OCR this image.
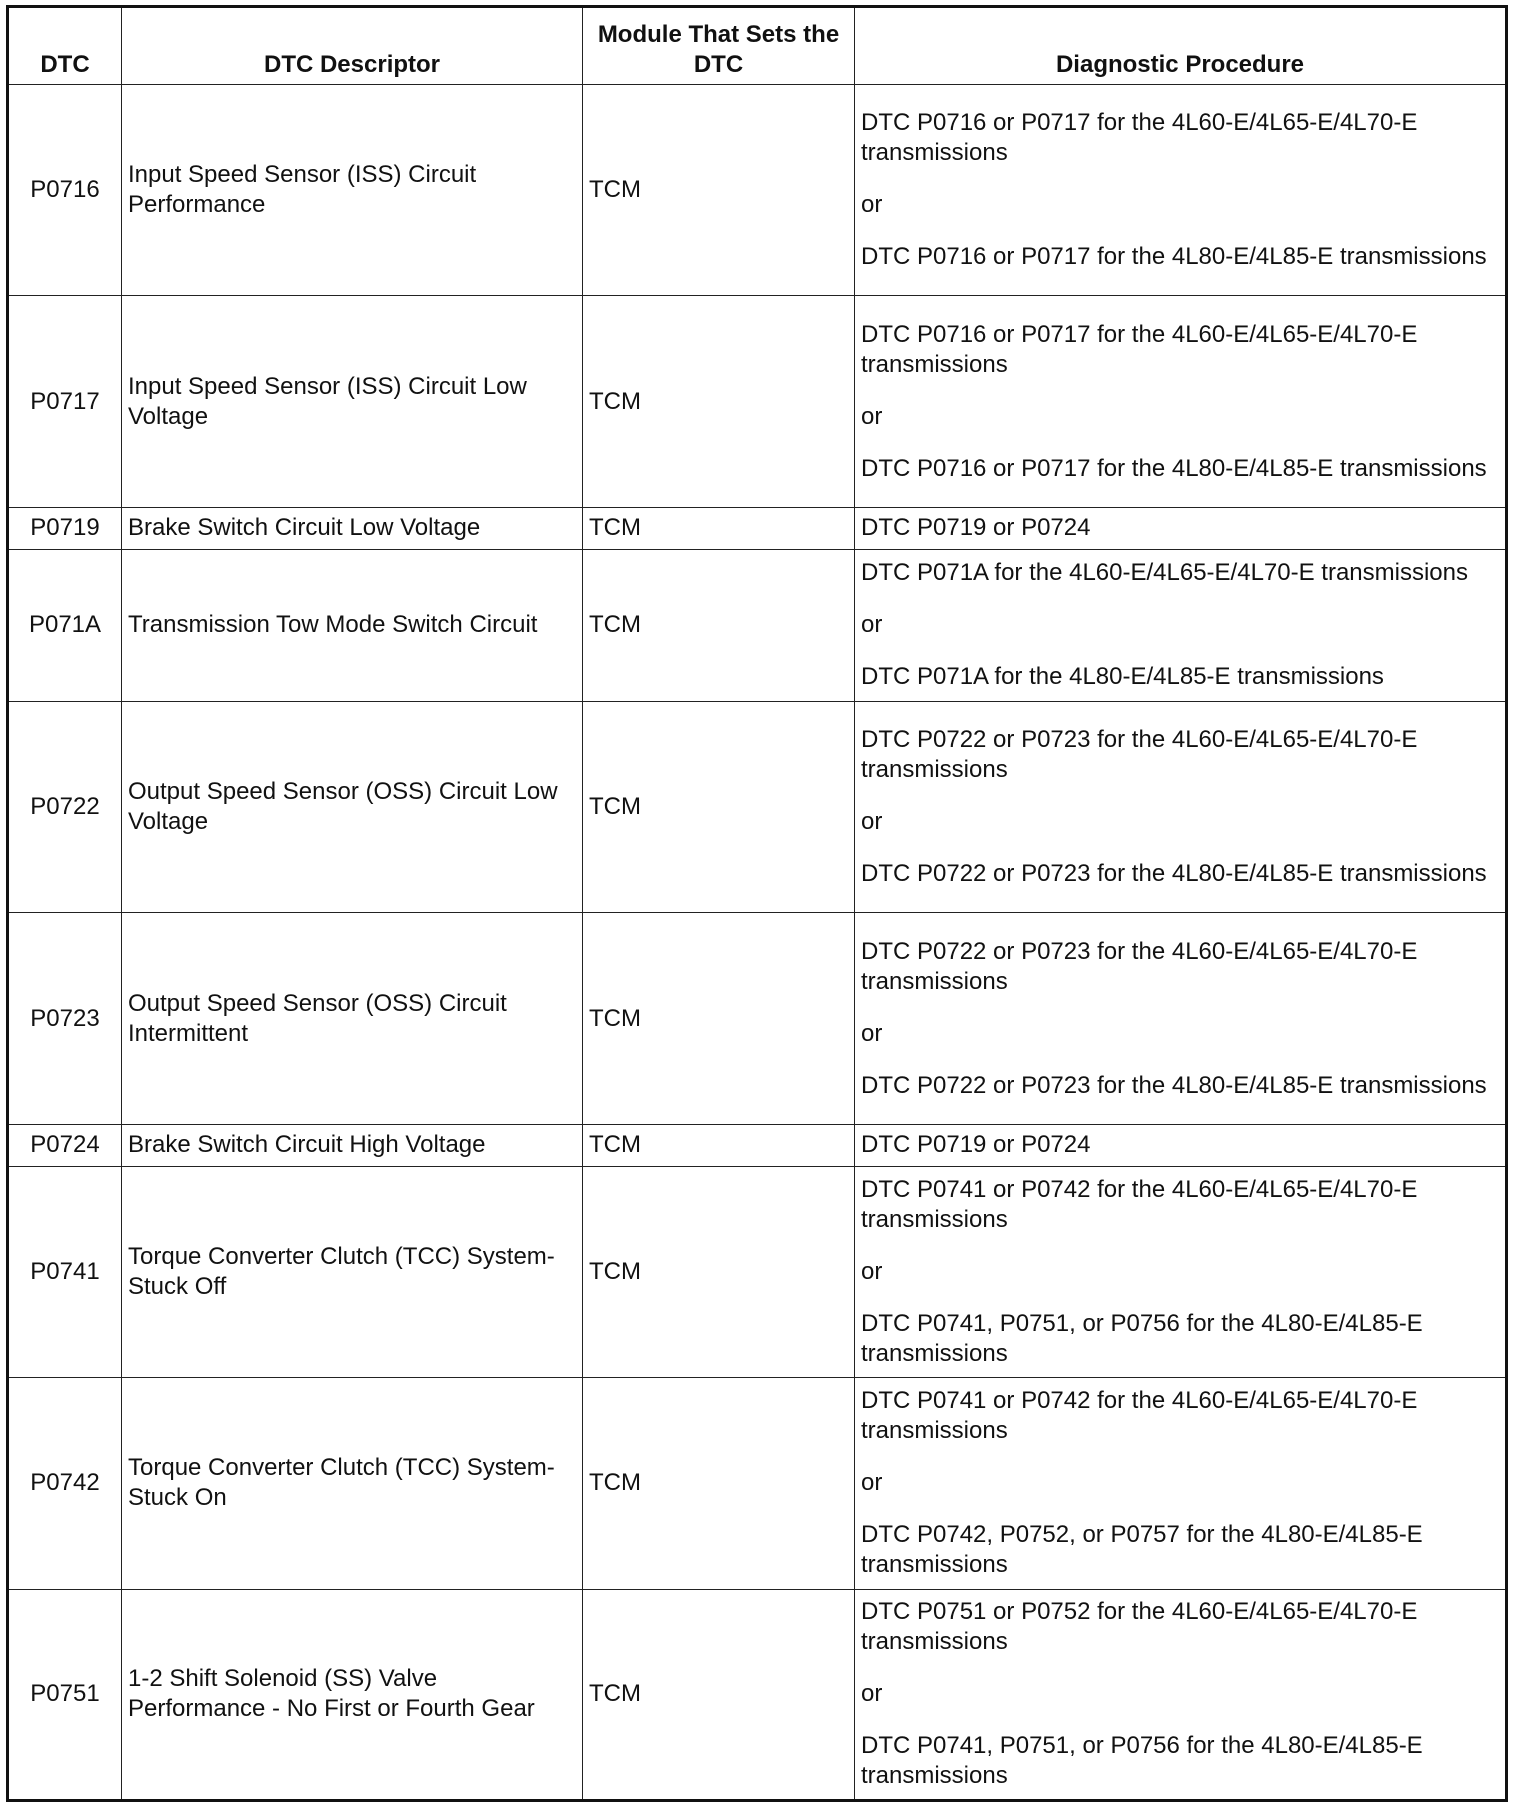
DTC	DTC Descriptor	Module That Sets the DTC	Diagnostic Procedure
P0716	Input Speed Sensor (ISS) Circuit Performance	TCM	DTC P0716 or P0717 for the 4L60-E/4L65-E/4L70-E transmissions
or
DTC P0716 or P0717 for the 4L80-E/4L85-E transmissions

P0717	Input Speed Sensor (ISS) Circuit Low Voltage	TCM	DTC P0716 or P0717 for the 4L60-E/4L65-E/4L70-E transmissions
or
DTC P0716 or P0717 for the 4L80-E/4L85-E transmissions

P0719	Brake Switch Circuit Low Voltage	TCM	DTC P0719 or P0724

P071A	Transmission Tow Mode Switch Circuit	TCM	DTC P071A for the 4L60-E/4L65-E/4L70-E transmissions
or
DTC P071A for the 4L80-E/4L85-E transmissions

P0722	Output Speed Sensor (OSS) Circuit Low Voltage	TCM	DTC P0722 or P0723 for the 4L60-E/4L65-E/4L70-E transmissions
or
DTC P0722 or P0723 for the 4L80-E/4L85-E transmissions

P0723	Output Speed Sensor (OSS) Circuit Intermittent	TCM	DTC P0722 or P0723 for the 4L60-E/4L65-E/4L70-E transmissions
or
DTC P0722 or P0723 for the 4L80-E/4L85-E transmissions

P0724	Brake Switch Circuit High Voltage	TCM	DTC P0719 or P0724

P0741	Torque Converter Clutch (TCC) System-Stuck Off	TCM	DTC P0741 or P0742 for the 4L60-E/4L65-E/4L70-E transmissions
or
DTC P0741, P0751, or P0756 for the 4L80-E/4L85-E transmissions

P0742	Torque Converter Clutch (TCC) System-Stuck On	TCM	DTC P0741 or P0742 for the 4L60-E/4L65-E/4L70-E transmissions
or
DTC P0742, P0752, or P0757 for the 4L80-E/4L85-E transmissions

P0751	1-2 Shift Solenoid (SS) Valve Performance - No First or Fourth Gear	TCM	DTC P0751 or P0752 for the 4L60-E/4L65-E/4L70-E transmissions
or
DTC P0741, P0751, or P0756 for the 4L80-E/4L85-E transmissions
